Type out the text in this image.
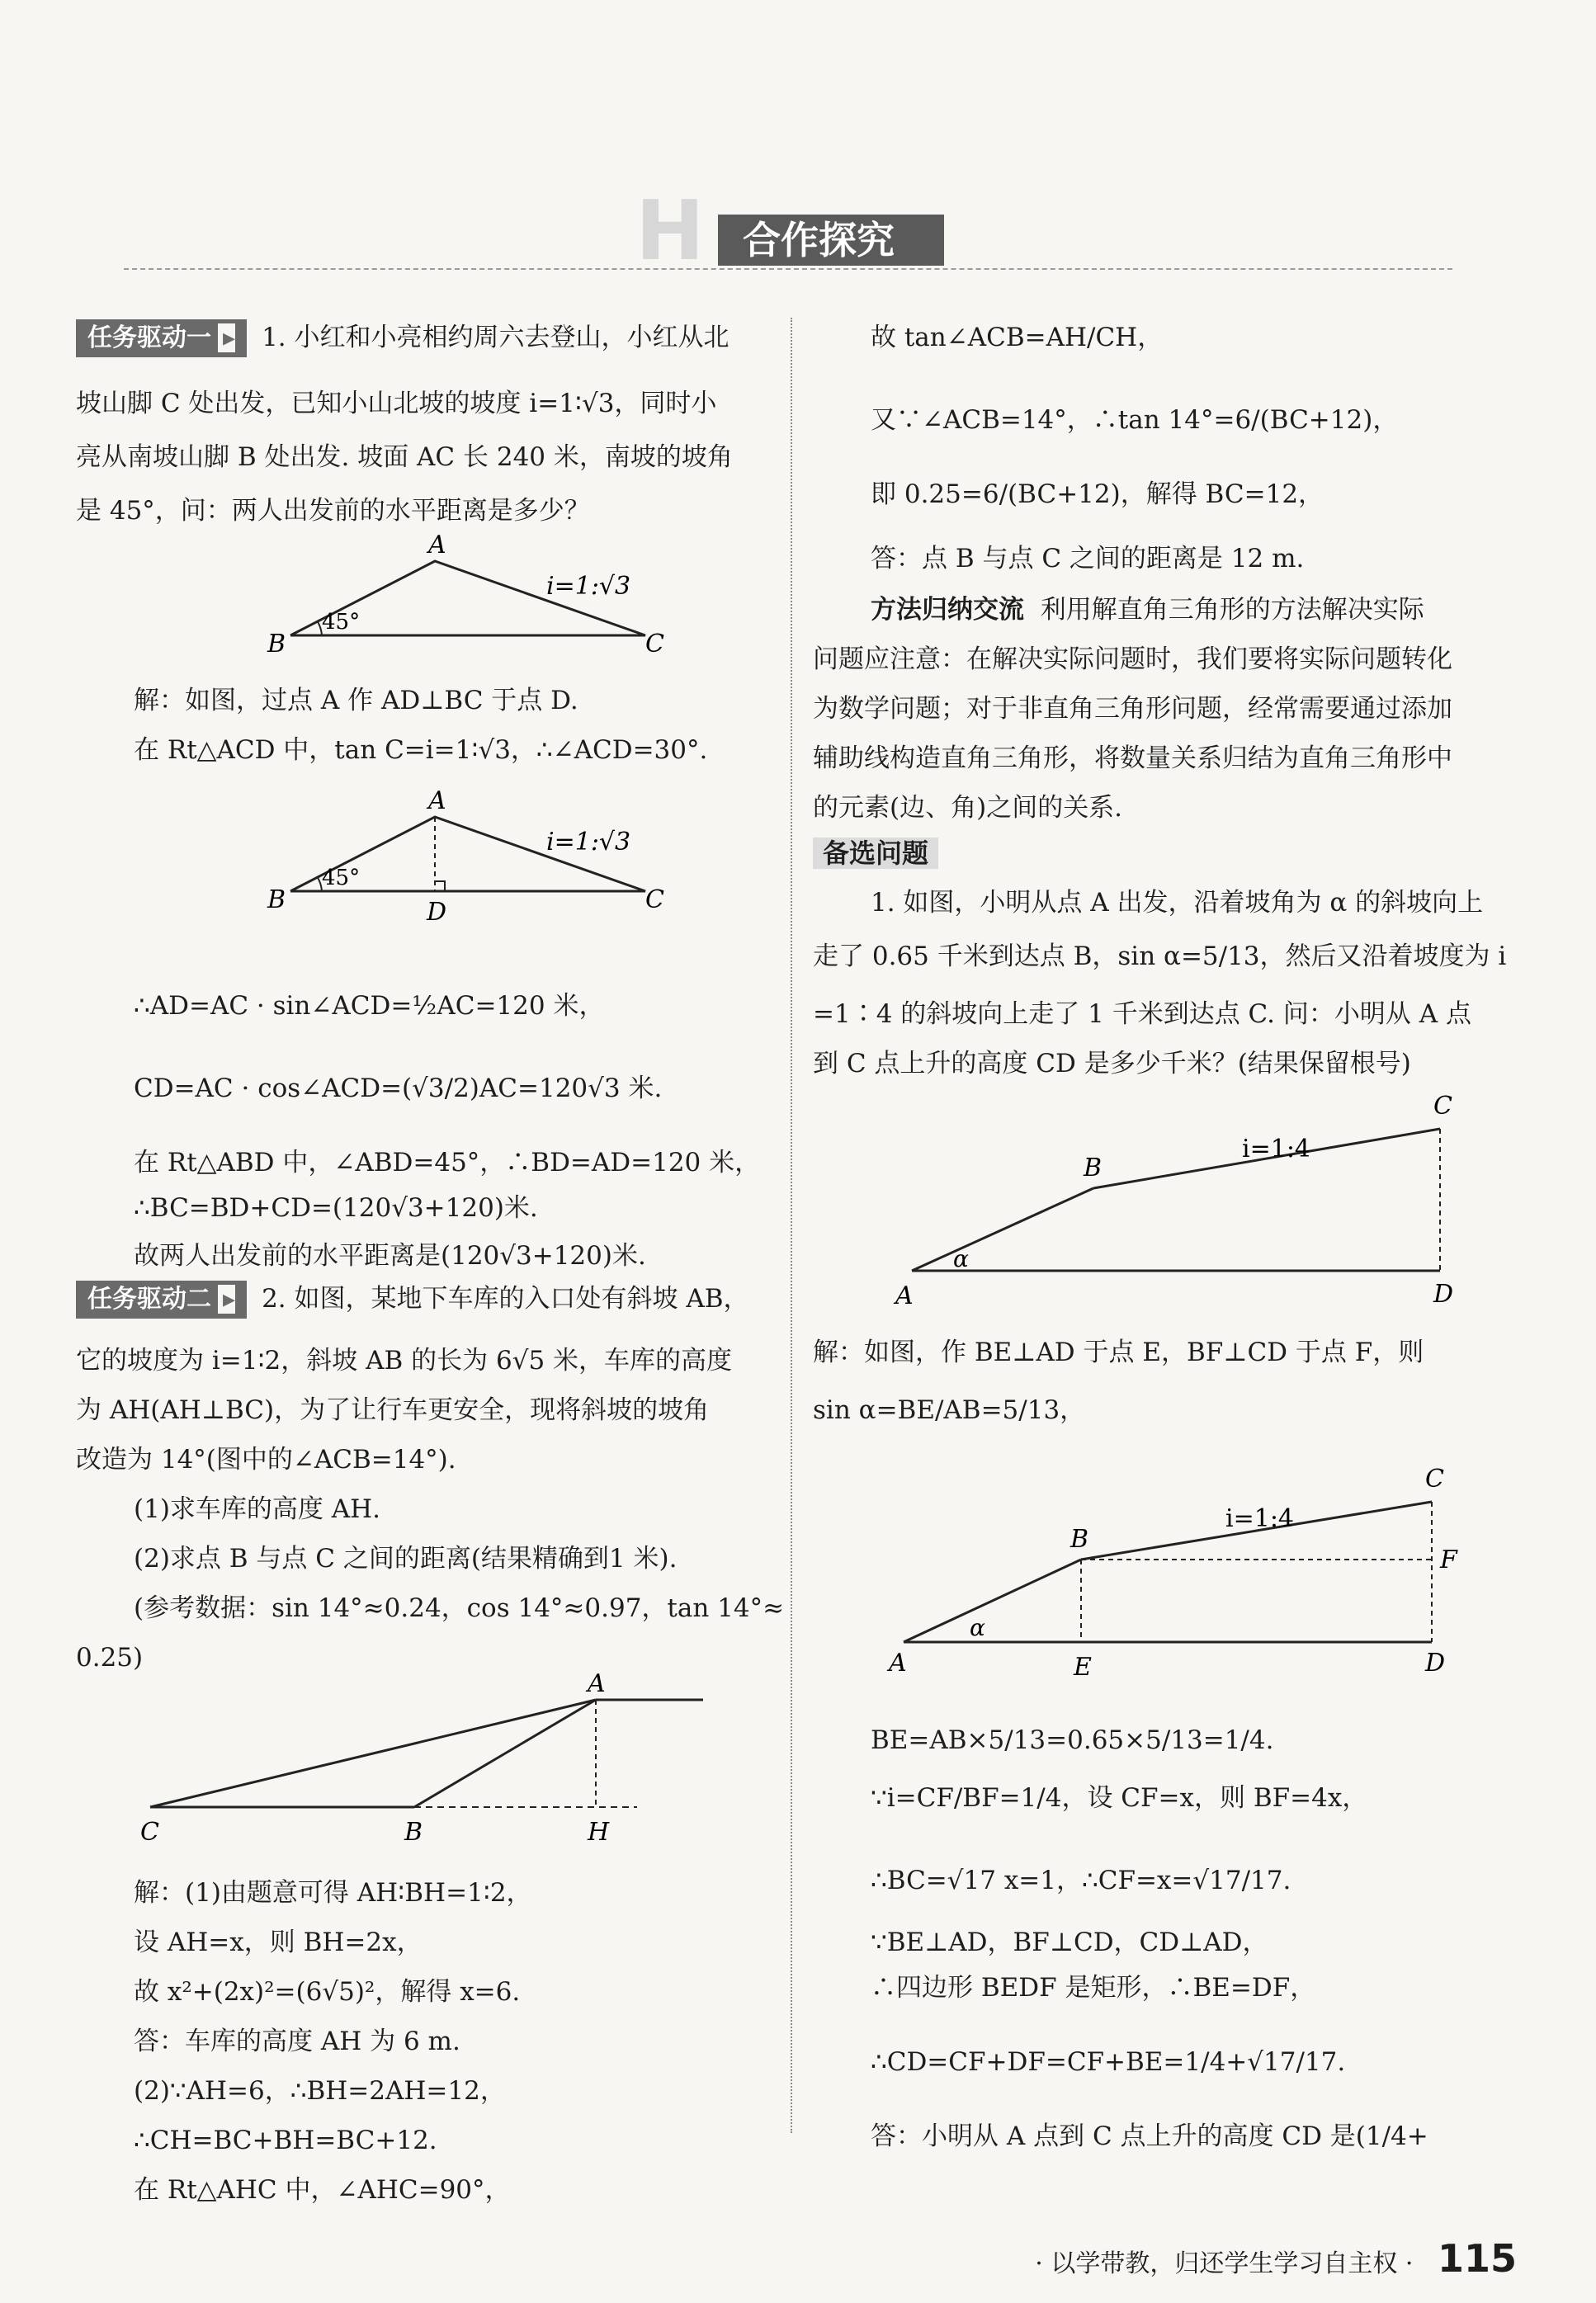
H	合作探究
任务驱动一 ▸ 1. 小红和小亮相约周六去登山，小红从北
坡山脚 C 处出发，已知小山北坡的坡度 i=1∶√3，同时小
亮从南坡山脚 B 处出发. 坡面 AC 长 240 米，南坡的坡角
是 45°，问：两人出发前的水平距离是多少？
A
B	C
45°
i=1:√3
解：如图，过点 A 作 AD⊥BC 于点 D.
在 Rt△ACD 中，tan C=i=1∶√3，∴∠ACD=30°.
A
B	C
D
45°
i=1:√3
∴AD=AC · sin∠ACD=½AC=120 米，
CD=AC · cos∠ACD=(√3/2)AC=120√3 米.
在 Rt△ABD 中，∠ABD=45°，∴BD=AD=120 米，
∴BC=BD+CD=(120√3+120)米.
故两人出发前的水平距离是(120√3+120)米.
任务驱动二 ▸ 2. 如图，某地下车库的入口处有斜坡 AB，
它的坡度为 i=1∶2，斜坡 AB 的长为 6√5 米，车库的高度
为 AH(AH⊥BC)，为了让行车更安全，现将斜坡的坡角
改造为 14°(图中的∠ACB=14°).
(1)求车库的高度 AH.
(2)求点 B 与点 C 之间的距离(结果精确到1 米).
(参考数据：sin 14°≈0.24，cos 14°≈0.97，tan 14°≈
0.25)
A
B
C	H
解：(1)由题意可得 AH∶BH=1∶2，
设 AH=x，则 BH=2x，
故 x²+(2x)²=(6√5)²，解得 x=6.
答：车库的高度 AH 为 6 m.
(2)∵AH=6，∴BH=2AH=12，
∴CH=BC+BH=BC+12.
在 Rt△AHC 中，∠AHC=90°，
故 tan∠ACB=AH/CH，
又∵∠ACB=14°，∴tan 14°=6/(BC+12)，
即 0.25=6/(BC+12)，解得 BC=12，
答：点 B 与点 C 之间的距离是 12 m.
方法归纳交流 利用解直角三角形的方法解决实际
问题应注意：在解决实际问题时，我们要将实际问题转化
为数学问题；对于非直角三角形问题，经常需要通过添加
辅助线构造直角三角形，将数量关系归结为直角三角形中
的元素(边、角)之间的关系.
备选问题
1. 如图，小明从点 A 出发，沿着坡角为 α 的斜坡向上
走了 0.65 千米到达点 B，sin α=5/13，然后又沿着坡度为 i
=1∶4 的斜坡向上走了 1 千米到达点 C. 问：小明从 A 点
到 C 点上升的高度 CD 是多少千米？(结果保留根号)
A
B
C
D
α
i=1:4
解：如图，作 BE⊥AD 于点 E，BF⊥CD 于点 F，则
sin α=BE/AB=5/13，
A
B
C
D
E
F
α
i=1:4
BE=AB×5/13=0.65×5/13=1/4.
∵i=CF/BF=1/4，设 CF=x，则 BF=4x，
∴BC=√17 x=1，∴CF=x=√17/17.
∵BE⊥AD，BF⊥CD，CD⊥AD，
∴四边形 BEDF 是矩形，∴BE=DF，
∴CD=CF+DF=CF+BE=1/4+√17/17.
答：小明从 A 点到 C 点上升的高度 CD 是(1/4+
· 以学带教，归还学生学习自主权 · 115
